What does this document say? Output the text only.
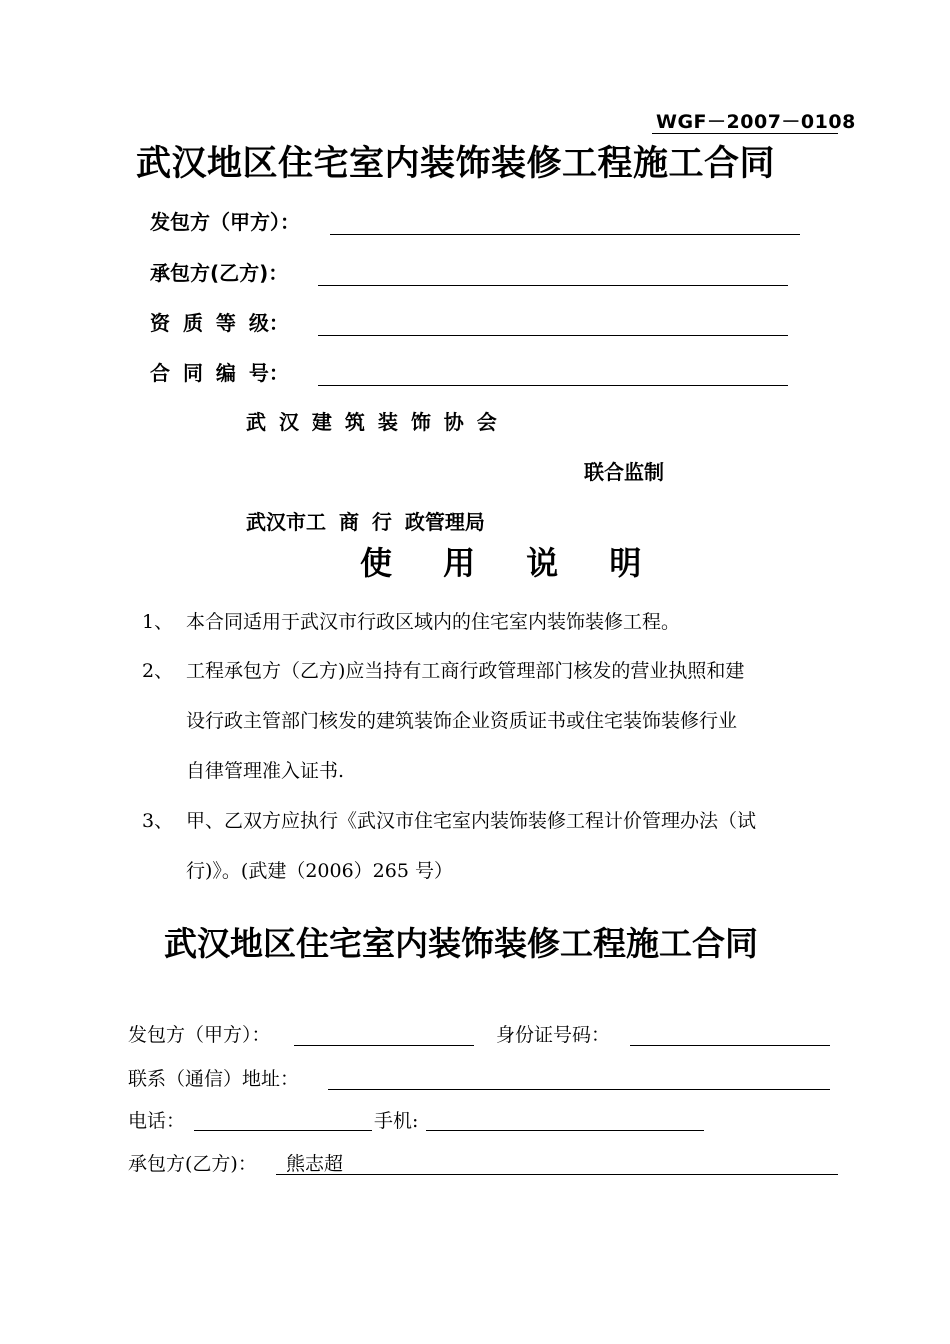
WGF－2007－0108
武汉地区住宅室内装饰装修工程施工合同
发包方（甲方）：
承包方(乙方)：
资 质 等 级：
合 同 编 号：
武 汉 建 筑 装 饰 协 会
联合监制
武汉市工 商 行 政管理局
使 用 说 明
1、 本合同适用于武汉市行政区域内的住宅室内装饰装修工程。
2、 工程承包方（乙方)应当持有工商行政管理部门核发的营业执照和建
设行政主管部门核发的建筑装饰企业资质证书或住宅装饰装修行业
自律管理准入证书.
3、 甲、乙双方应执行《武汉市住宅室内装饰装修工程计价管理办法（试
行)》。(武建（2006）265 号）
武汉地区住宅室内装饰装修工程施工合同
发包方（甲方）：	身份证号码：
联系（通信）地址：
电话：	手机:
承包方(乙方)： 熊志超
